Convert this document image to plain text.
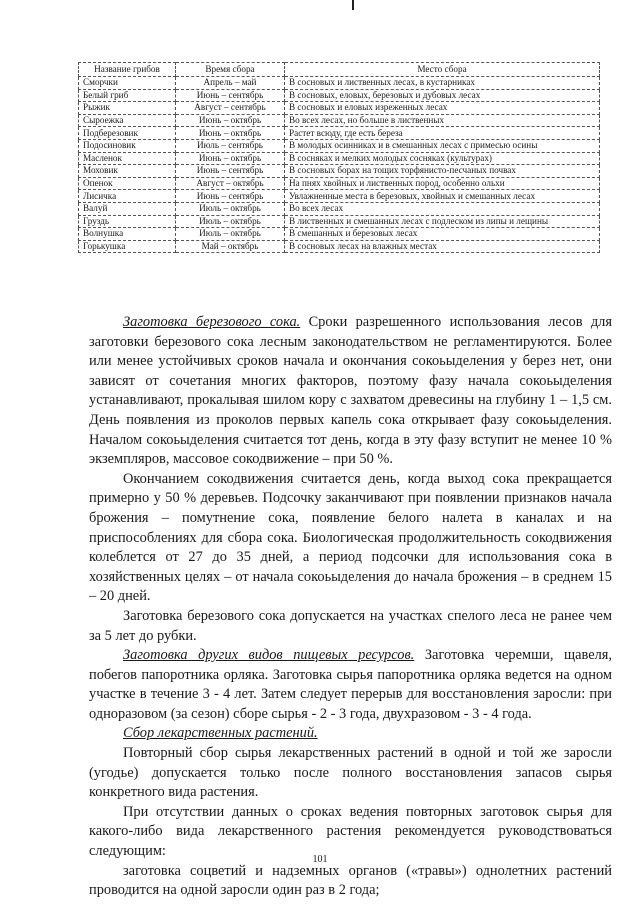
Название грибов	Время сбора	Место сбора
Сморчки	Апрель – май	В сосновых и лиственных лесах, в кустарниках
Белый гриб	Июнь – сентябрь	В сосновых, еловых, березовых и дубовых лесах
Рыжик	Август – сентябрь	В сосновых и еловых изреженных лесах
Сыроежка	Июнь – октябрь	Во всех лесах, но больше в лиственных
Подберезовик	Июнь – октябрь	Растет всюду, где есть береза
Подосиновик	Июль – сентябрь	В молодых осинниках и в смешанных лесах с примесью осины
Масленок	Июнь – октябрь	В сосняках и мелких молодых сосняках (культурах)
Моховик	Июнь – сентябрь	В сосновых борах на тощих торфянисто-песчаных почвах
Опенок	Август – октябрь	На пнях хвойных и лиственных пород, особенно ольхи
Лисичка	Июнь – сентябрь	Увлажненные места в березовых, хвойных и смешанных лесах
Валуй	Июль – октябрь	Во всех лесах
Груздь	Июль – октябрь	В лиственных и смешанных лесах с подлеском из липы и лещины
Волнушка	Июль – октябрь	В смешанных и березовых лесах
Горькушка	Май – октябрь	В сосновых лесах на влажных местах

Заготовка березового сока. Сроки разрешенного использования лесов для заготовки березового сока лесным законодательством не регламентируются. Более или менее устойчивых сроков начала и окончания сокоьыделения у берез нет, они зависят от сочетания многих факторов, поэтому фазу начала сокоьыделения устанавливают, прокалывая шилом кору с захватом древесины на глубину 1 – 1,5 см. День появления из проколов первых капель сока открывает фазу сокоьыделения. Началом сокоьыделения считается тот день, когда в эту фазу вступит не менее 10 % экземпляров, массовое сокодвижение – при 50 %.

Окончанием сокодвижения считается день, когда выход сока прекращается примерно у 50 % деревьев. Подсочку заканчивают при появлении признаков начала брожения – помутнение сока, появление белого налета в каналах и на приспособлениях для сбора сока. Биологическая продолжительность сокодвижения колеблется от 27 до 35 дней, а период подсочки для использования сока в хозяйственных целях – от начала сокоьыделения до начала брожения – в среднем 15 – 20 дней.

Заготовка березового сока допускается на участках спелого леса не ранее чем за 5 лет до рубки.

Заготовка других видов пищевых ресурсов. Заготовка черемши, щавеля, побегов папоротника орляка. Заготовка сырья папоротника орляка ведется на одном участке в течение 3 - 4 лет. Затем следует перерыв для восстановления заросли: при одноразовом (за сезон) сборе сырья - 2 - 3 года, двухразовом - 3 - 4 года.

Сбор лекарственных растений.

Повторный сбор сырья лекарственных растений в одной и той же заросли (угодье) допускается только после полного восстановления запасов сырья конкретного вида растения.

При отсутствии данных о сроках ведения повторных заготовок сырья для какого-либо вида лекарственного растения рекомендуется руководствоваться следующим:

заготовка соцветий и надземных органов («травы») однолетних растений проводится на одной заросли один раз в 2 года;

101
